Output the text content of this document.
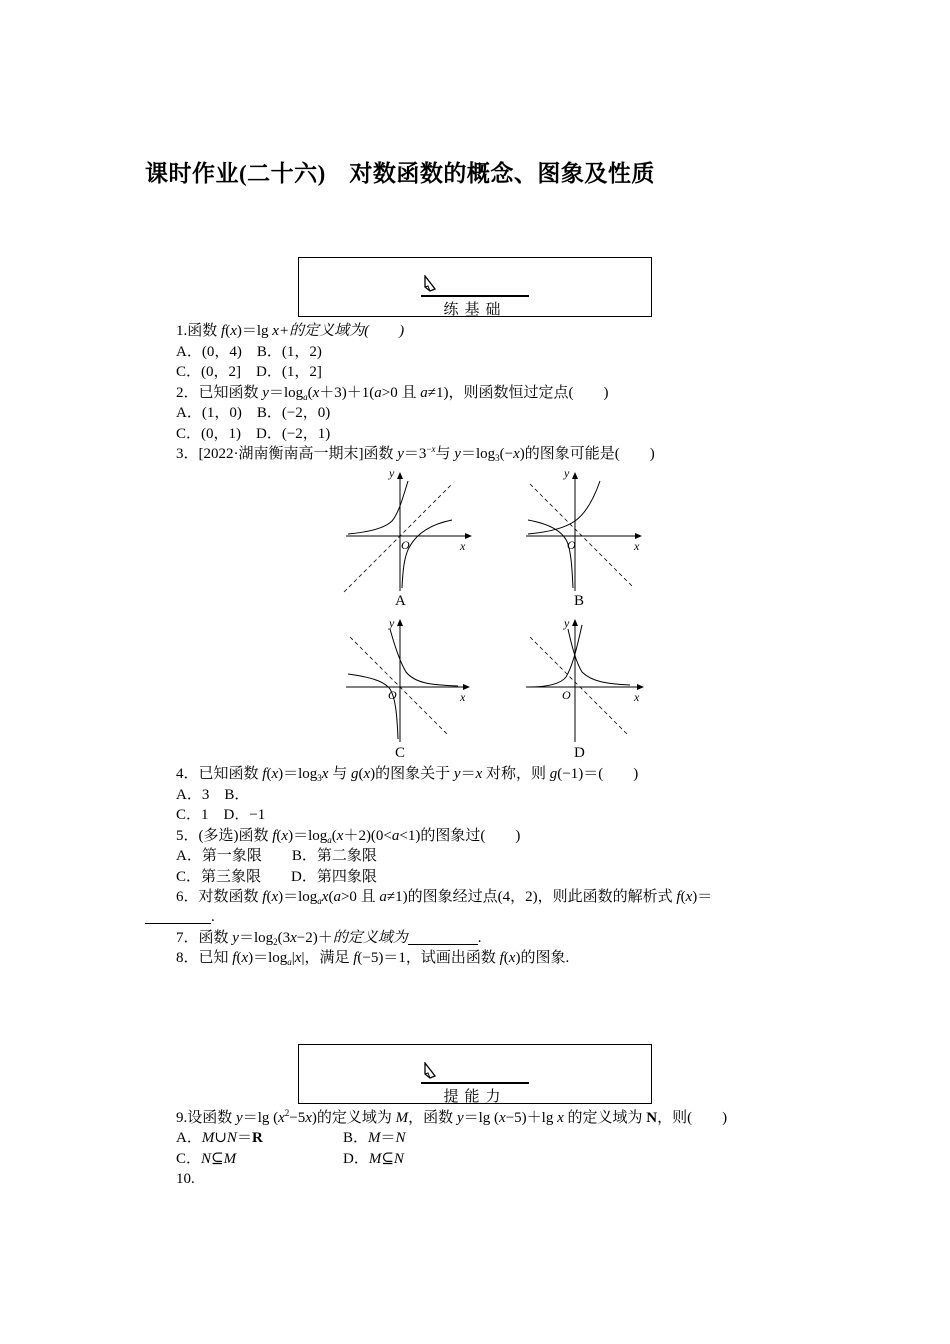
课时作业(二十六)　对数函数的概念、图象及性质
练基础
1.函数 f(x)＝lg x+的定义域为(　　)
A．(0，4)　B．(1，2)
C．(0，2]　D．(1，2]
2．已知函数 $y=\log_a(x+3)+1(a>0$ 且 a≠1)，则函数恒过定点(　　)
A．(1，0)　B．(−2，0)
C．(0，1)　D．(−2，1)
3．[2022·湖南衡南高一期末]函数 $y=3^{-x}$与 $y=\log_3(-x)$的图象可能是(　　)
y
O	x
A
y
O	x
B
y
O	x
C
y
O	x
D
4．已知函数 $f(x)=\log_3x$ 与 g(x)的图象关于 y＝x 对称，则 g(−1)＝(　　)
A．3　B．
C．1　D．−1
5．(多选)函数 $f(x)=\log_a(x+2)(0<a<1)$的图象过(　　)
A．第一象限　　B．第二象限
C．第三象限　　D．第四象限
6．对数函数 $f(x)=\log_ax(a>0$ 且 a≠1)的图象经过点(4，2)，则此函数的解析式 f(x)＝
.
7．函数 $y=\log_2(3x-2)+$的定义域为	.
8．已知 $f(x)=\log_a|x|$，满足 f(−5)＝1，试画出函数 f(x)的图象.
提能力
9.设函数 y＝lg $(x^2-5x)$的定义域为 M，函数 y＝lg (x−5)＋lg x 的定义域为 N，则(　　)
A．M∪N＝R	B．M＝N
C．N⊆M	D．M⊆N
10.
